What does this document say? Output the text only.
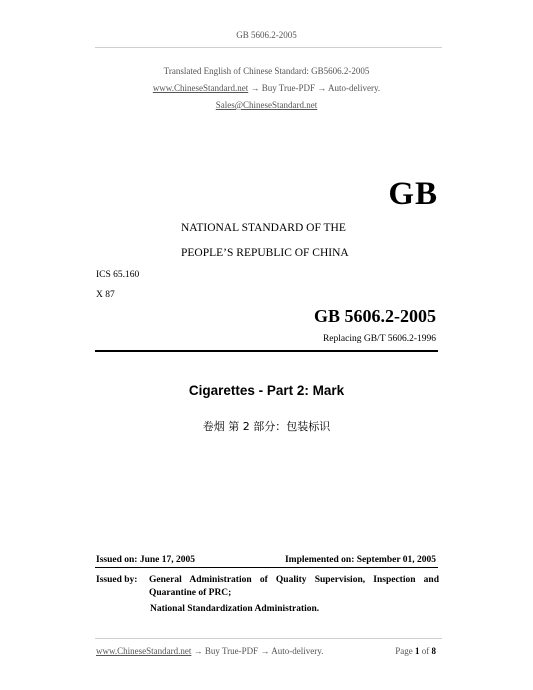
GB 5606.2-2005
Translated English of Chinese Standard: GB5606.2-2005
www.ChineseStandard.net → Buy True-PDF → Auto-delivery.
Sales@ChineseStandard.net
GB
NATIONAL STANDARD OF THE
PEOPLE’S REPUBLIC OF CHINA
ICS 65.160
X 87
GB 5606.2-2005
Replacing GB/T 5606.2-1996
Cigarettes - Part 2: Mark
卷烟 第 2 部分：包装标识
Issued on: June 17, 2005	Implemented on: September 01, 2005
Issued by: General Administration of Quality Supervision, Inspection and
Quarantine of PRC;
National Standardization Administration.
www.ChineseStandard.net → Buy True-PDF → Auto-delivery.	Page 1 of 8
